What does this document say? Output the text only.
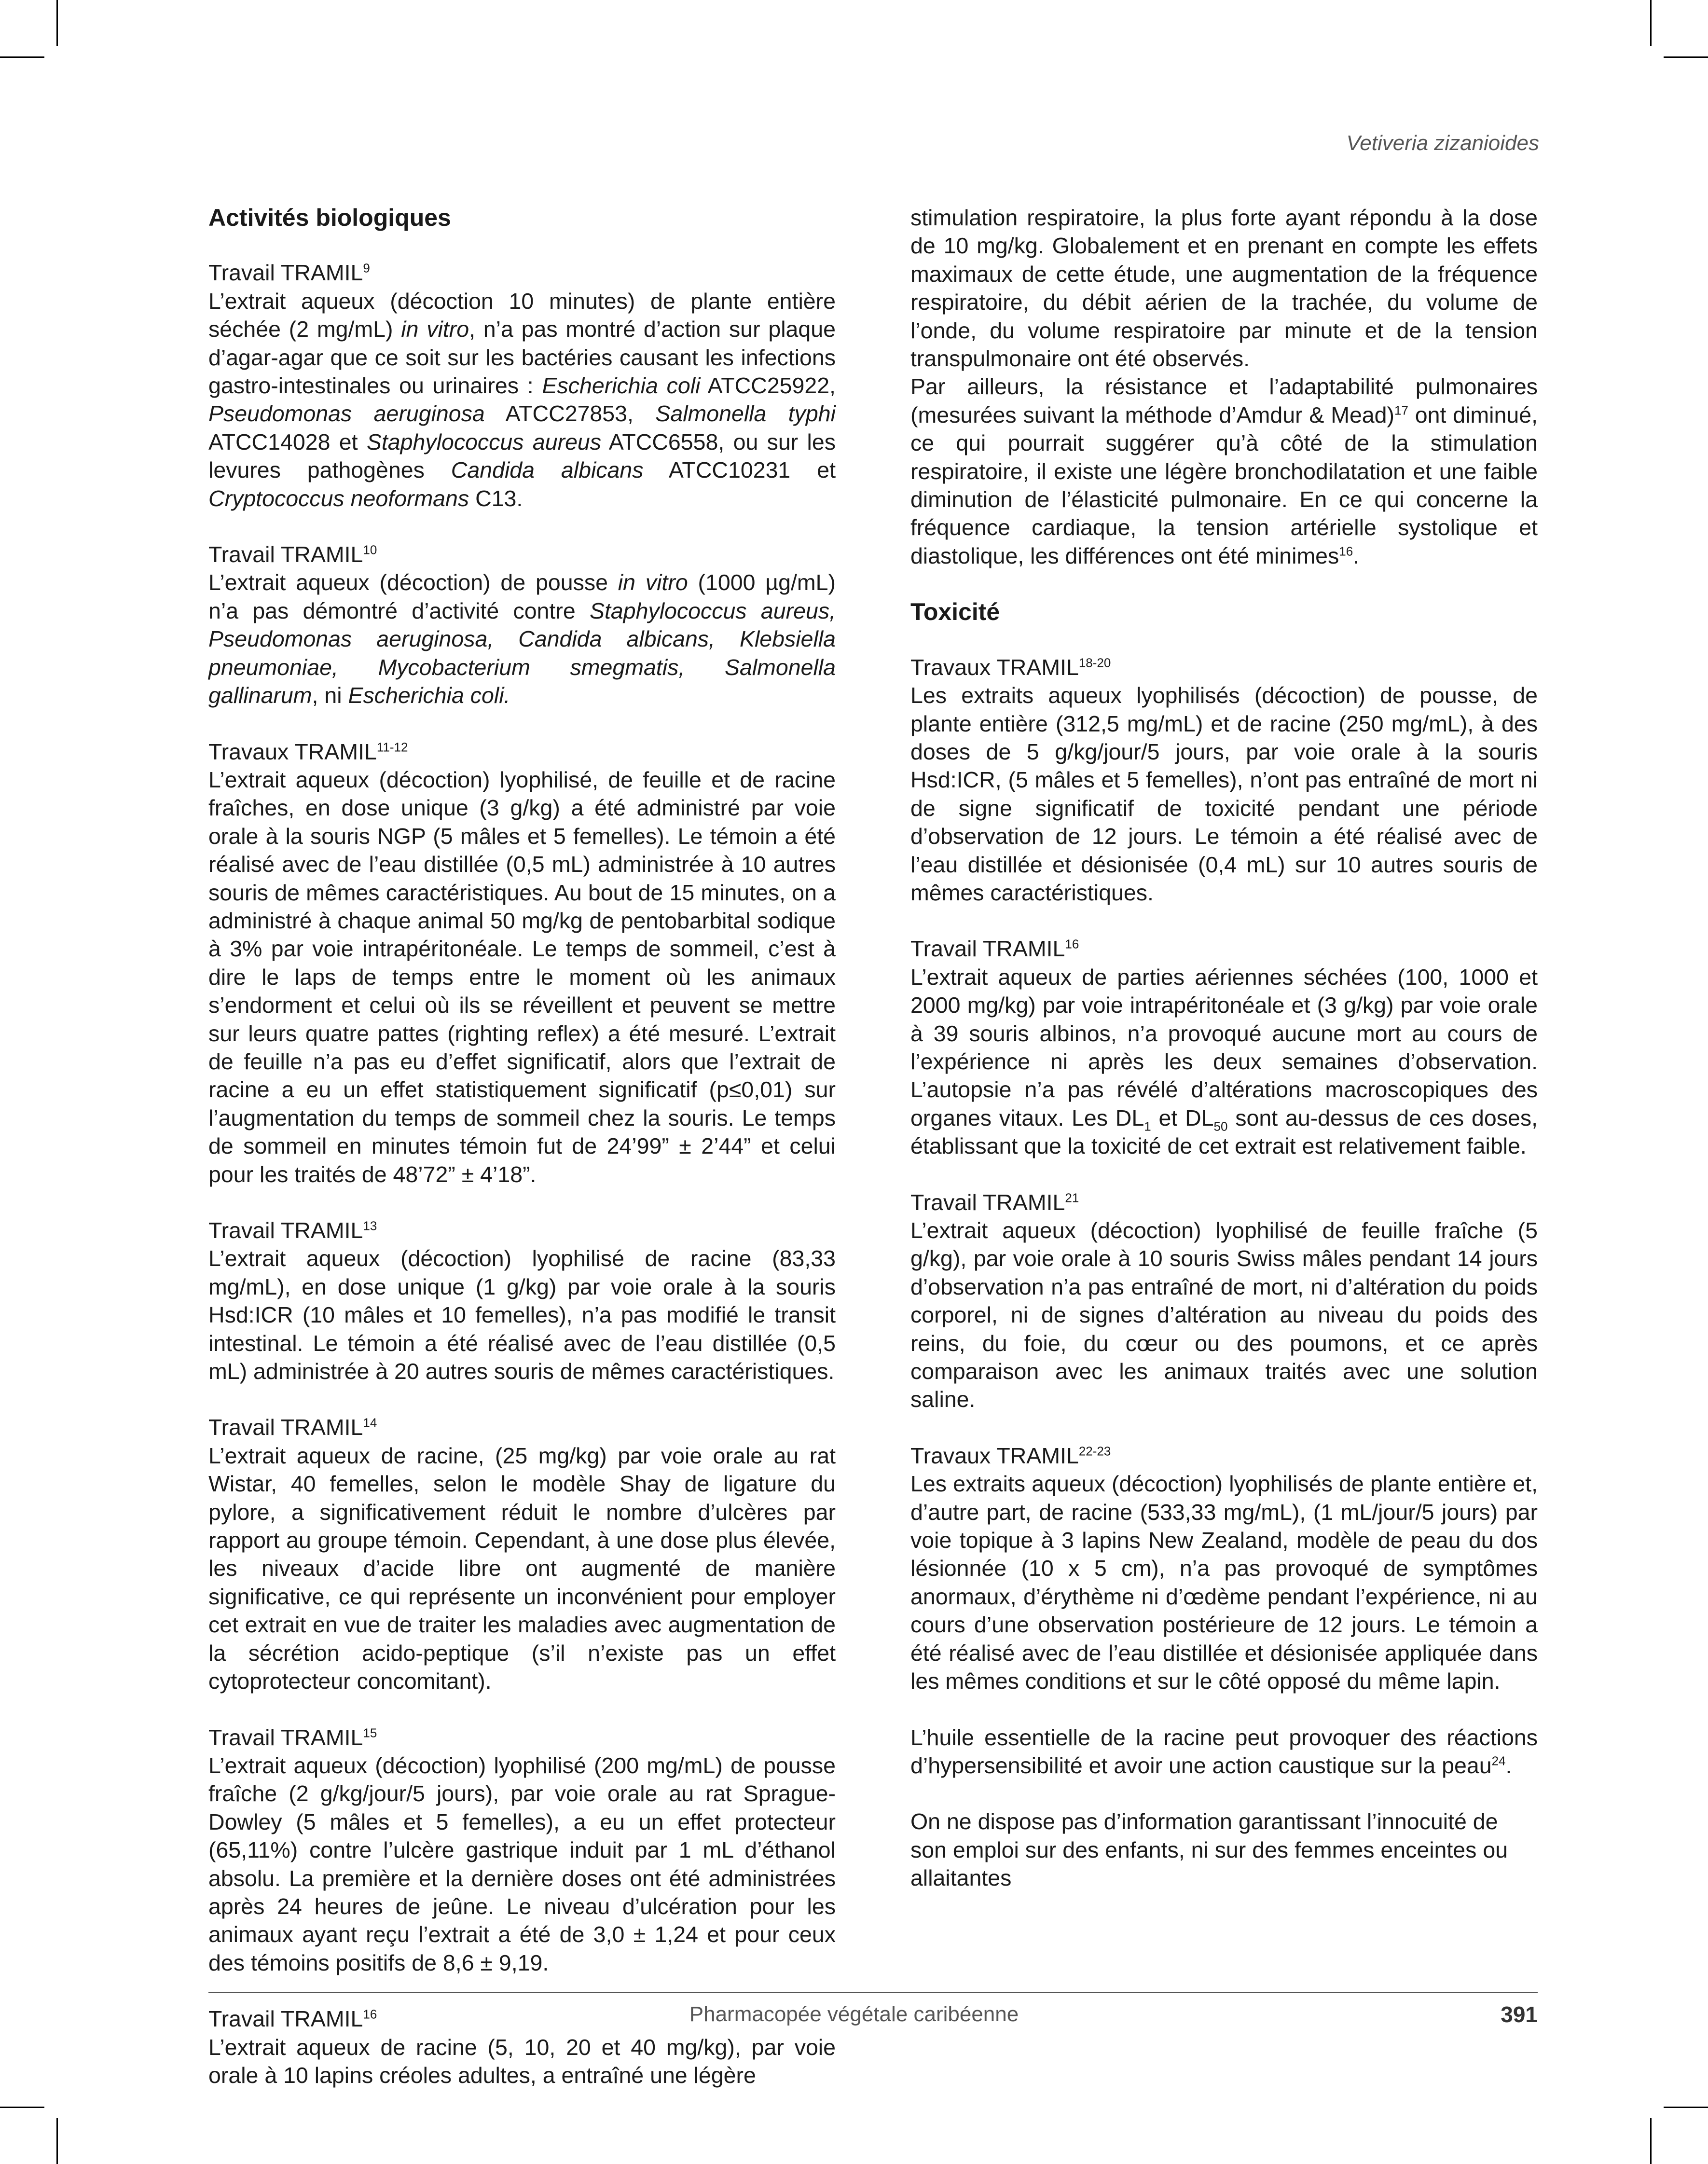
Vetiveria zizanioides
Activités biologiques

Travail TRAMIL$^9$

L’extrait aqueux (décoction 10 minutes) de plante entière séchée (2 mg/mL) in vitro, n’a pas montré d’action sur plaque d’agar-agar que ce soit sur les bactéries causant les infections gastro-intestinales ou urinaires : Escherichia coli ATCC25922, Pseudomonas aeruginosa ATCC27853, Salmonella typhi ATCC14028 et Staphylococcus aureus ATCC6558, ou sur les levures pathogènes Candida albicans ATCC10231 et Cryptococcus neoformans C13.

Travail TRAMIL$^{10}$

L’extrait aqueux (décoction) de pousse in vitro (1000 µg/mL) n’a pas démontré d’activité contre Staphylococcus aureus, Pseudomonas aeruginosa, Candida albicans, Klebsiella pneumoniae, Mycobacterium smegmatis, Salmonella gallinarum, ni Escherichia coli.

Travaux TRAMIL$^{11-12}$

L’extrait aqueux (décoction) lyophilisé, de feuille et de racine fraîches, en dose unique (3 g/kg) a été administré par voie orale à la souris NGP (5 mâles et 5 femelles). Le témoin a été réalisé avec de l’eau distillée (0,5 mL) administrée à 10 autres souris de mêmes caractéristiques. Au bout de 15 minutes, on a administré à chaque animal 50 mg/kg de pentobarbital sodique à 3% par voie intrapéritonéale. Le temps de sommeil, c’est à dire le laps de temps entre le moment où les animaux s’endorment et celui où ils se réveillent et peuvent se mettre sur leurs quatre pattes (righting reflex) a été mesuré. L’extrait de feuille n’a pas eu d’effet significatif, alors que l’extrait de racine a eu un effet statistiquement significatif (p≤0,01) sur l’augmentation du temps de sommeil chez la souris. Le temps de sommeil en minutes témoin fut de 24’99” ± 2’44” et celui pour les traités de 48’72” ± 4’18”.

Travail TRAMIL$^{13}$

L’extrait aqueux (décoction) lyophilisé de racine (83,33 mg/mL), en dose unique (1 g/kg) par voie orale à la souris Hsd:ICR (10 mâles et 10 femelles), n’a pas modifié le transit intestinal. Le témoin a été réalisé avec de l’eau distillée (0,5 mL) administrée à 20 autres souris de mêmes caractéristiques.

Travail TRAMIL$^{14}$

L’extrait aqueux de racine, (25 mg/kg) par voie orale au rat Wistar, 40 femelles, selon le modèle Shay de ligature du pylore, a significativement réduit le nombre d’ulcères par rapport au groupe témoin. Cependant, à une dose plus élevée, les niveaux d’acide libre ont augmenté de manière significative, ce qui représente un inconvénient pour employer cet extrait en vue de traiter les maladies avec augmentation de la sécrétion acido-peptique (s’il n’existe pas un effet cytoprotecteur concomitant).

Travail TRAMIL$^{15}$

L’extrait aqueux (décoction) lyophilisé (200 mg/mL) de pousse fraîche (2 g/kg/jour/5 jours), par voie orale au rat Sprague-Dowley (5 mâles et 5 femelles), a eu un effet protecteur (65,11%) contre l’ulcère gastrique induit par 1 mL d’éthanol absolu. La première et la dernière doses ont été administrées après 24 heures de jeûne. Le niveau d’ulcération pour les animaux ayant reçu l’extrait a été de 3,0 ± 1,24 et pour ceux des témoins positifs de 8,6 ± 9,19.

Travail TRAMIL$^{16}$

L’extrait aqueux de racine (5, 10, 20 et 40 mg/kg), par voie orale à 10 lapins créoles adultes, a entraîné une légère

stimulation respiratoire, la plus forte ayant répondu à la dose de 10 mg/kg. Globalement et en prenant en compte les effets maximaux de cette étude, une augmentation de la fréquence respiratoire, du débit aérien de la trachée, du volume de l’onde, du volume respiratoire par minute et de la tension transpulmonaire ont été observés.

Par ailleurs, la résistance et l’adaptabilité pulmonaires (mesurées suivant la méthode d’Amdur & Mead)$^{17}$ ont diminué, ce qui pourrait suggérer qu’à côté de la stimulation respiratoire, il existe une légère bronchodilatation et une faible diminution de l’élasticité pulmonaire. En ce qui concerne la fréquence cardiaque, la tension artérielle systolique et diastolique, les différences ont été minimes$^{16}$.

Toxicité

Travaux TRAMIL$^{18-20}$

Les extraits aqueux lyophilisés (décoction) de pousse, de plante entière (312,5 mg/mL) et de racine (250 mg/mL), à des doses de 5 g/kg/jour/5 jours, par voie orale à la souris Hsd:ICR, (5 mâles et 5 femelles), n’ont pas entraîné de mort ni de signe significatif de toxicité pendant une période d’observation de 12 jours. Le témoin a été réalisé avec de l’eau distillée et désionisée (0,4 mL) sur 10 autres souris de mêmes caractéristiques.

Travail TRAMIL$^{16}$

L’extrait aqueux de parties aériennes séchées (100, 1000 et 2000 mg/kg) par voie intrapéritonéale et (3 g/kg) par voie orale à 39 souris albinos, n’a provoqué aucune mort au cours de l’expérience ni après les deux semaines d’observation. L’autopsie n’a pas révélé d’altérations macroscopiques des organes vitaux. Les $DL_1$ et $DL_{50}$ sont au-dessus de ces doses, établissant que la toxicité de cet extrait est relativement faible.

Travail TRAMIL$^{21}$

L’extrait aqueux (décoction) lyophilisé de feuille fraîche (5 g/kg), par voie orale à 10 souris Swiss mâles pendant 14 jours d’observation n’a pas entraîné de mort, ni d’altération du poids corporel, ni de signes d’altération au niveau du poids des reins, du foie, du cœur ou des poumons, et ce après comparaison avec les animaux traités avec une solution saline.

Travaux TRAMIL$^{22-23}$

Les extraits aqueux (décoction) lyophilisés de plante entière et, d’autre part, de racine (533,33 mg/mL), (1 mL/jour/5 jours) par voie topique à 3 lapins New Zealand, modèle de peau du dos lésionnée (10 x 5 cm), n’a pas provoqué de symptômes anormaux, d’érythème ni d’œdème pendant l’expérience, ni au cours d’une observation postérieure de 12 jours. Le témoin a été réalisé avec de l’eau distillée et désionisée appliquée dans les mêmes conditions et sur le côté opposé du même lapin.

L’huile essentielle de la racine peut provoquer des réactions d’hypersensibilité et avoir une action caustique sur la peau$^{24}$.

On ne dispose pas d’information garantissant l’innocuité de son emploi sur des enfants, ni sur des femmes enceintes ou allaitantes

Pharmacopée végétale caribéenne	391
